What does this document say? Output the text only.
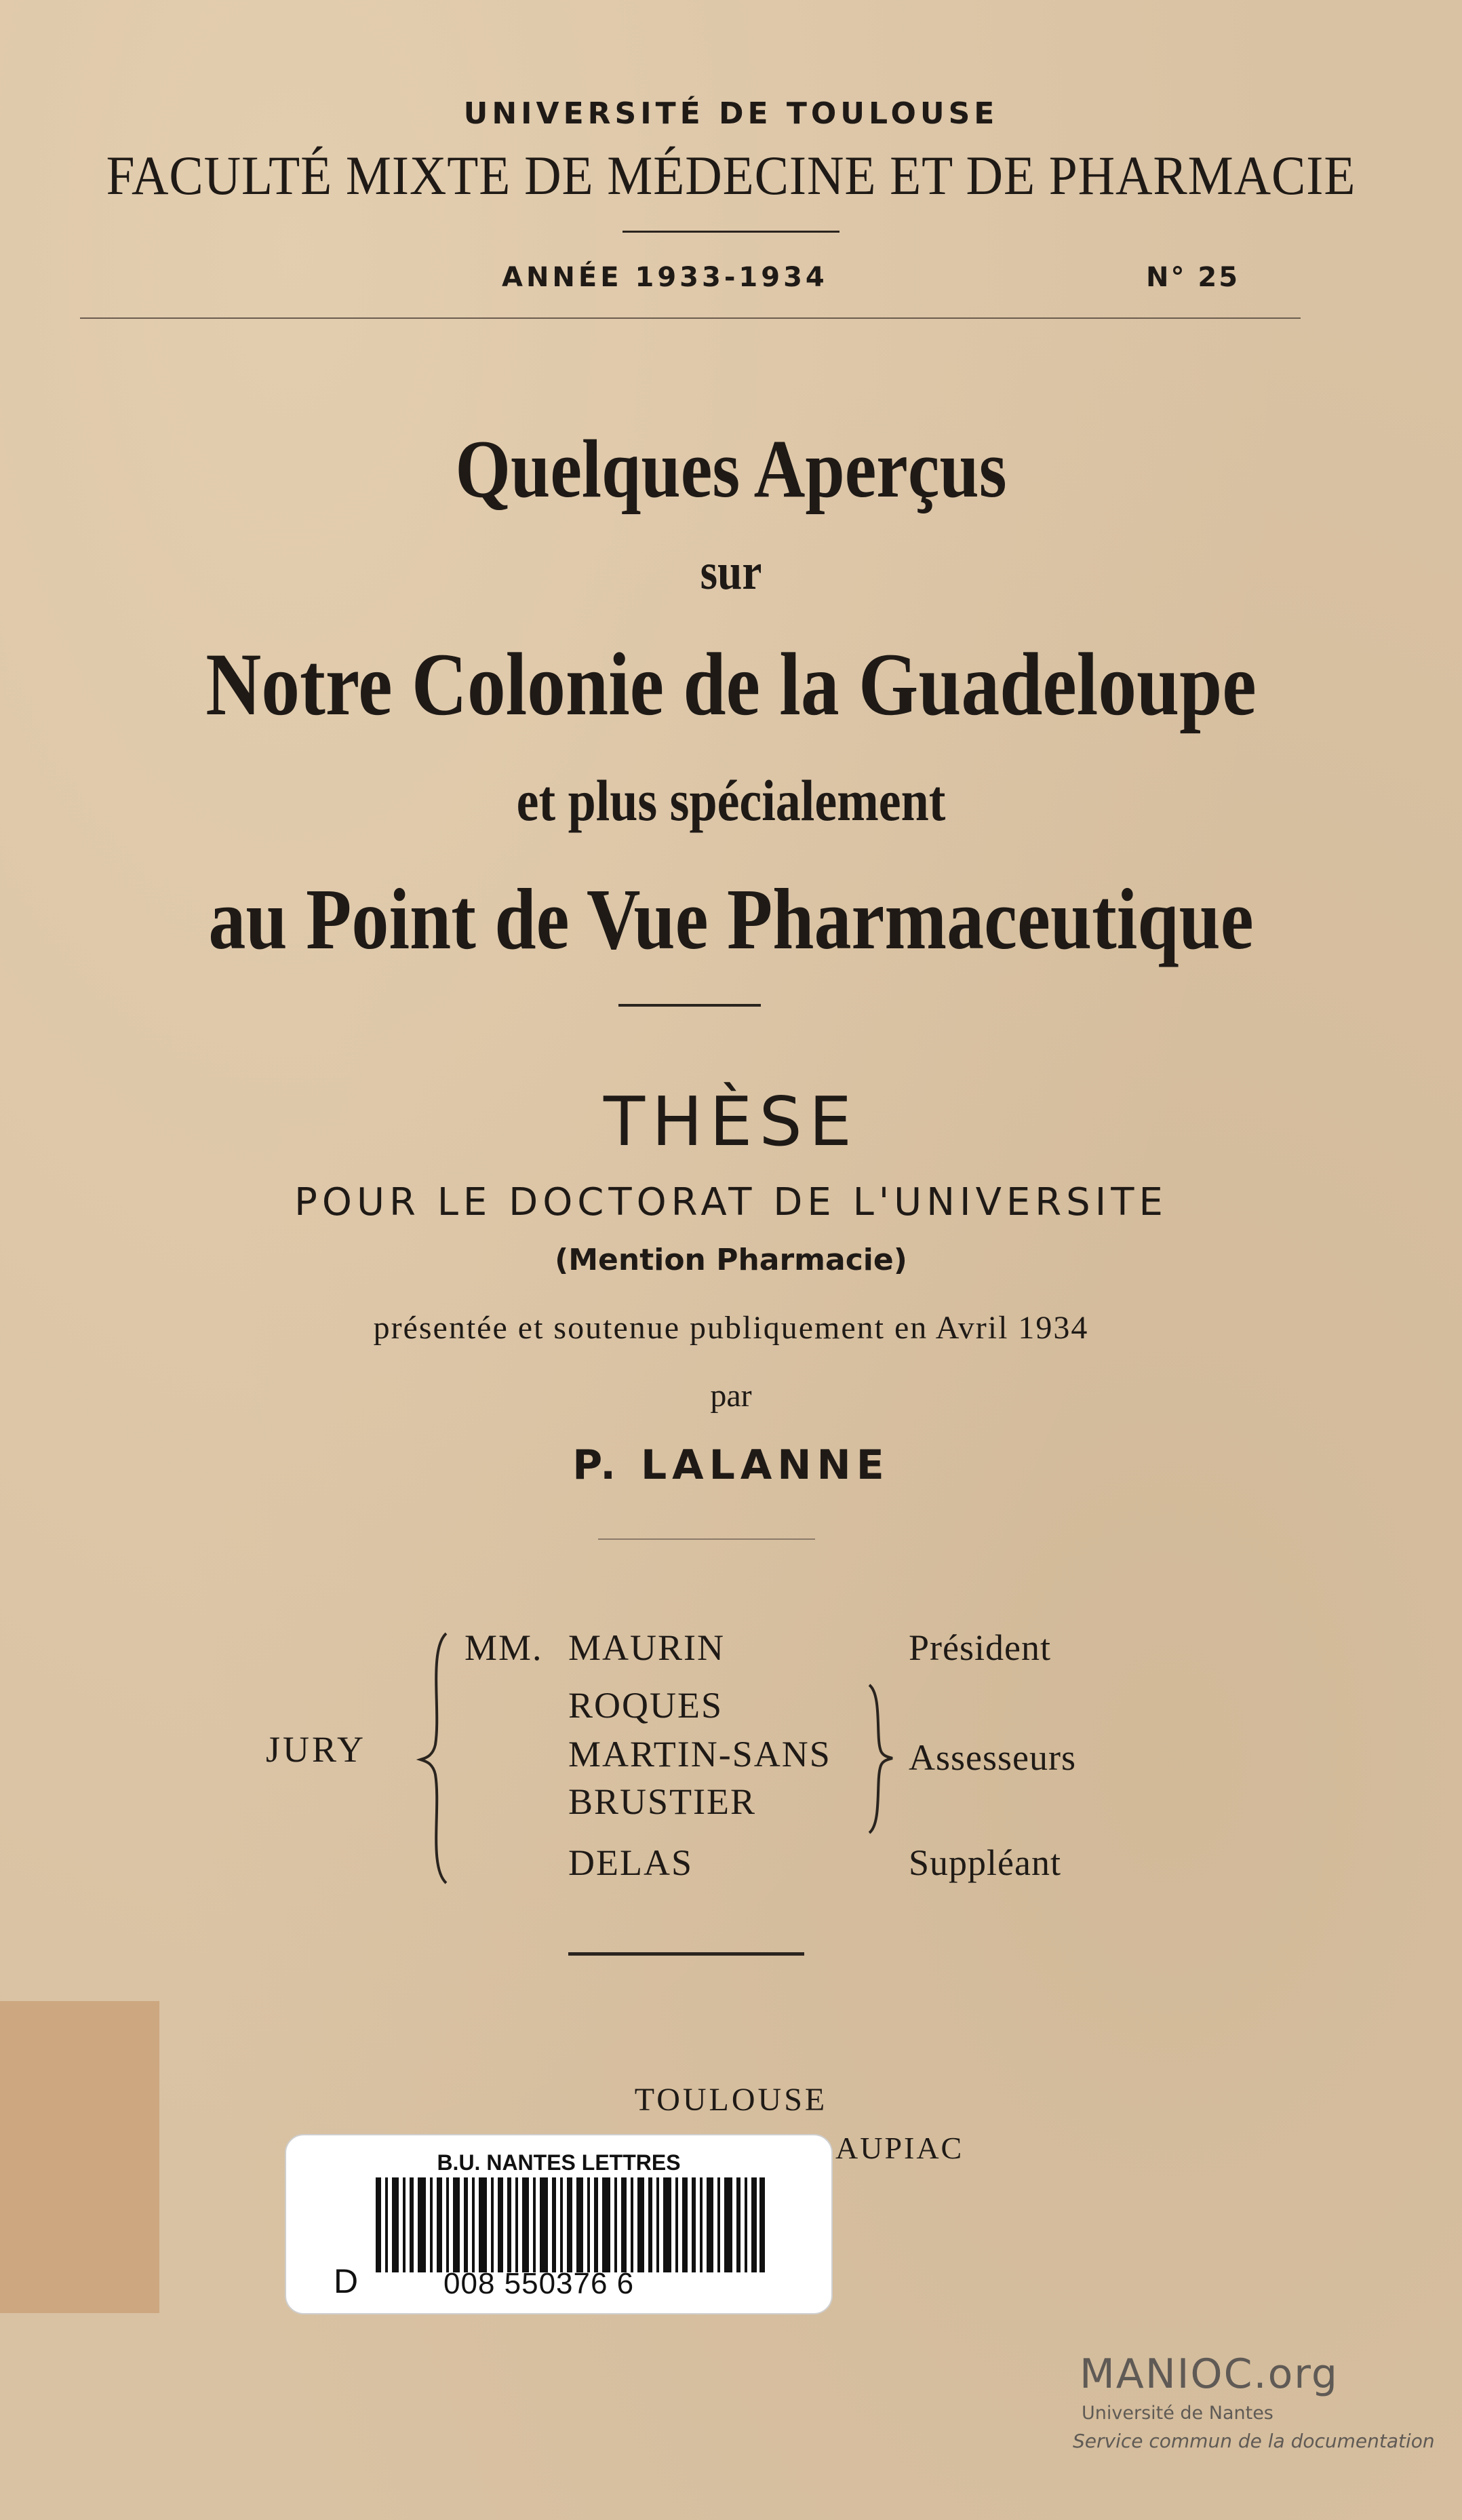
UNIVERSITÉ DE TOULOUSE
FACULTÉ MIXTE DE MÉDECINE ET DE PHARMACIE
ANNÉE 1933-1934	N° 25
Quelques Aperçus
sur
Notre Colonie de la Guadeloupe
et plus spécialement
au Point de Vue Pharmaceutique
THÈSE
POUR LE DOCTORAT DE L'UNIVERSITE
(Mention Pharmacie)
présentée et soutenue publiquement en Avril 1934
par
P. LALANNE
JURY
MM. MAURIN
ROQUES
MARTIN-SANS
BRUSTIER
DELAS
Président
Assesseurs
Suppléant
TOULOUSE
AUPIAC
B.U. NANTES LETTRES
D	008 550376 6
MANIOC.org
Université de Nantes
Service commun de la documentation
